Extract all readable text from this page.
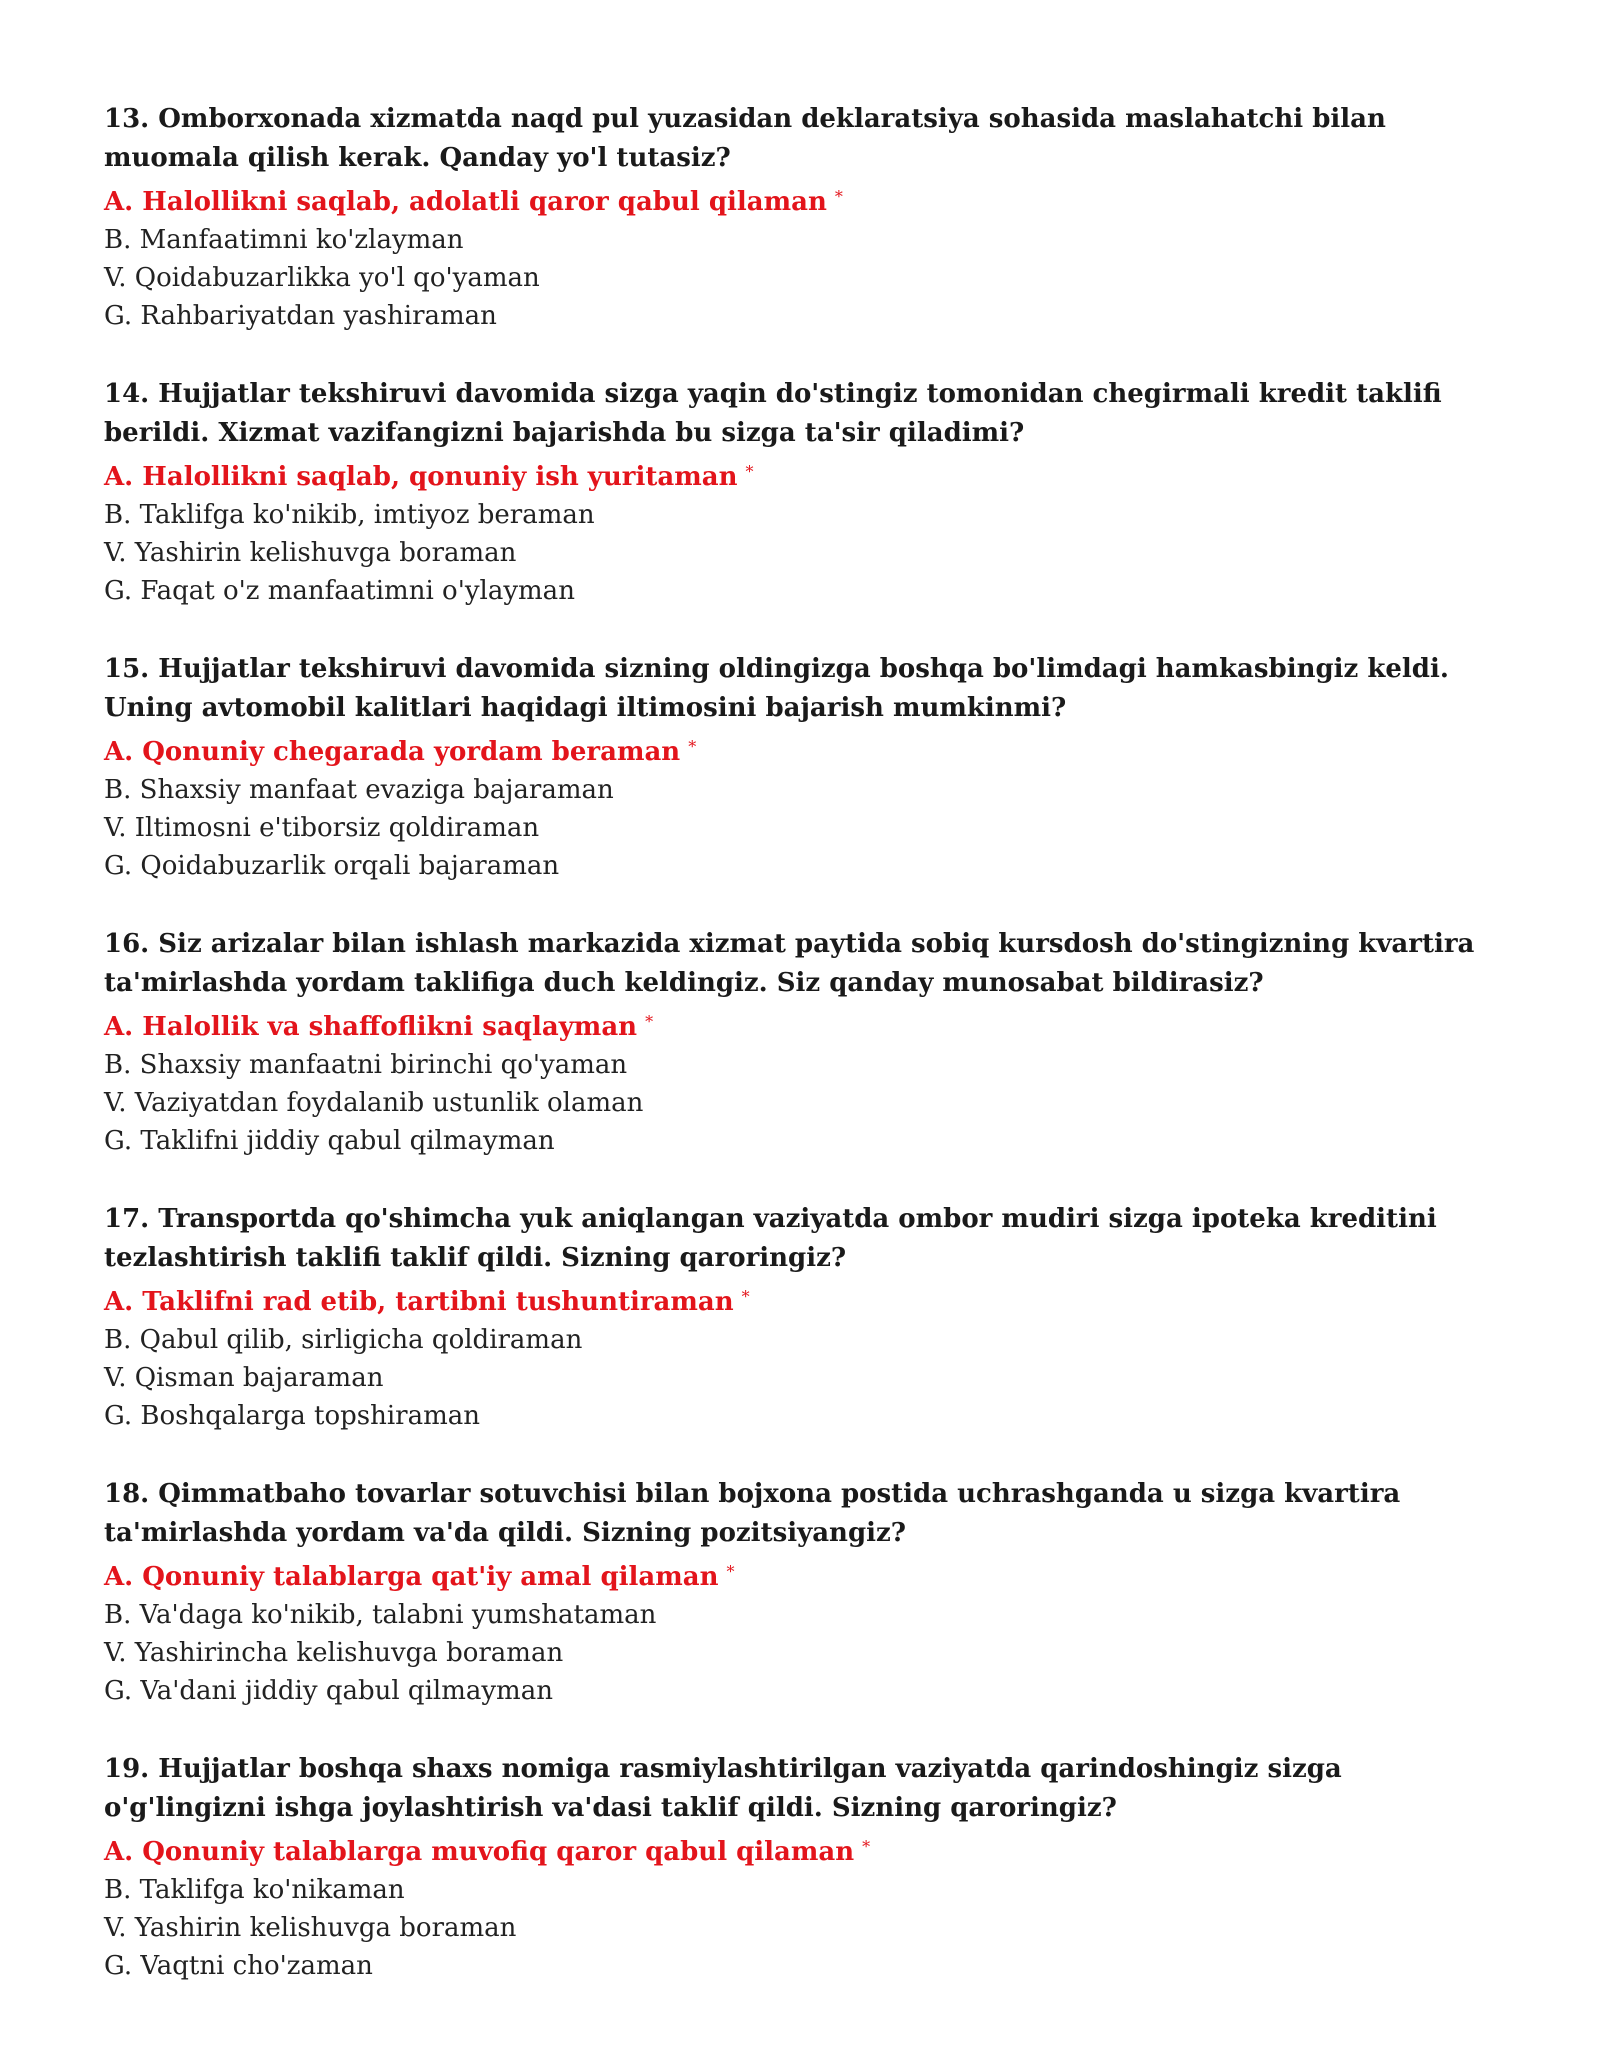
13. Omborxonada xizmatda naqd pul yuzasidan deklaratsiya sohasida maslahatchi bilan muomala qilish kerak. Qanday yo'l tutasiz?

A. Halollikni saqlab, adolatli qaror qabul qilaman *

B. Manfaatimni ko'zlayman

V. Qoidabuzarlikka yo'l qo'yaman

G. Rahbariyatdan yashiraman

14. Hujjatlar tekshiruvi davomida sizga yaqin do'stingiz tomonidan chegirmali kredit taklifi berildi. Xizmat vazifangizni bajarishda bu sizga ta'sir qiladimi?

A. Halollikni saqlab, qonuniy ish yuritaman *

B. Taklifga ko'nikib, imtiyoz beraman

V. Yashirin kelishuvga boraman

G. Faqat o'z manfaatimni o'ylayman

15. Hujjatlar tekshiruvi davomida sizning oldingizga boshqa bo'limdagi hamkasbingiz keldi. Uning avtomobil kalitlari haqidagi iltimosini bajarish mumkinmi?

A. Qonuniy chegarada yordam beraman *

B. Shaxsiy manfaat evaziga bajaraman

V. Iltimosni e'tiborsiz qoldiraman

G. Qoidabuzarlik orqali bajaraman

16. Siz arizalar bilan ishlash markazida xizmat paytida sobiq kursdosh do'stingizning kvartira ta'mirlashda yordam taklifiga duch keldingiz. Siz qanday munosabat bildirasiz?

A. Halollik va shaffoflikni saqlayman *

B. Shaxsiy manfaatni birinchi qo'yaman

V. Vaziyatdan foydalanib ustunlik olaman

G. Taklifni jiddiy qabul qilmayman

17. Transportda qo'shimcha yuk aniqlangan vaziyatda ombor mudiri sizga ipoteka kreditini tezlashtirish taklifi taklif qildi. Sizning qaroringiz?

A. Taklifni rad etib, tartibni tushuntiraman *

B. Qabul qilib, sirligicha qoldiraman

V. Qisman bajaraman

G. Boshqalarga topshiraman

18. Qimmatbaho tovarlar sotuvchisi bilan bojxona postida uchrashganda u sizga kvartira ta'mirlashda yordam va'da qildi. Sizning pozitsiyangiz?

A. Qonuniy talablarga qat'iy amal qilaman *

B. Va'daga ko'nikib, talabni yumshataman

V. Yashirincha kelishuvga boraman

G. Va'dani jiddiy qabul qilmayman

19. Hujjatlar boshqa shaxs nomiga rasmiylashtirilgan vaziyatda qarindoshingiz sizga o'g'lingizni ishga joylashtirish va'dasi taklif qildi. Sizning qaroringiz?

A. Qonuniy talablarga muvofiq qaror qabul qilaman *

B. Taklifga ko'nikaman

V. Yashirin kelishuvga boraman

G. Vaqtni cho'zaman
